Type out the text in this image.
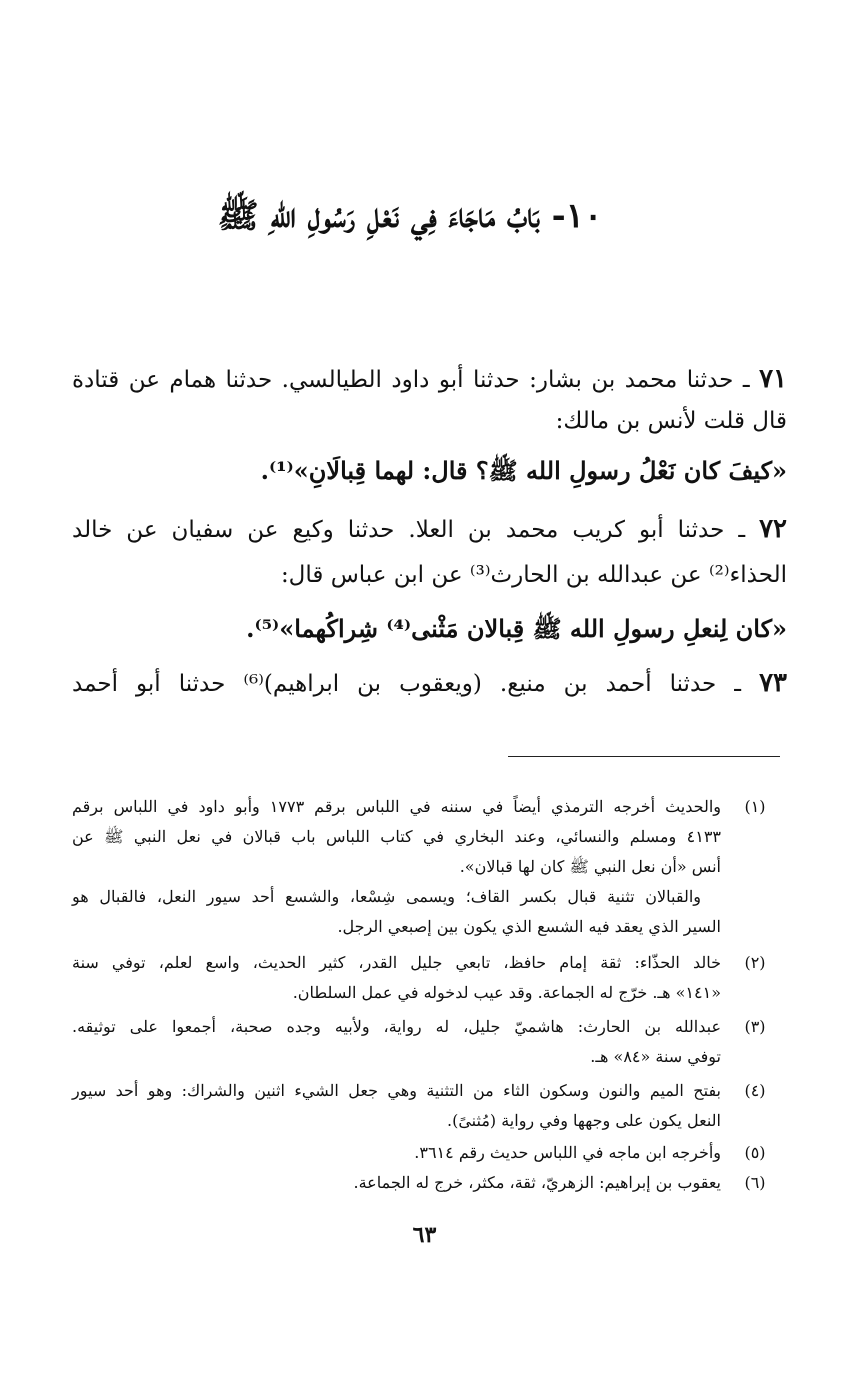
١٠- بَابُ مَاجَاءَ فِي نَعْلِ رَسُولِ اللهِ ﷺ
٧١ ـ حدثنا محمد بن بشار: حدثنا أبو داود الطيالسي. حدثنا همام عن قتادة
قال قلت لأنس بن مالك:
«كيفَ كان نَعْلُ رسولِ الله ﷺ؟ قال: لهما قِبالَانِ»⁽¹⁾.
٧٢ ـ حدثنا أبو كريب محمد بن العلا. حدثنا وكيع عن سفيان عن خالد
الحذاء⁽²⁾ عن عبدالله بن الحارث⁽³⁾ عن ابن عباس قال:
«كان لِنعلِ رسولِ الله ﷺ قِبالان مَثْنى⁽⁴⁾ شِراكُهما»⁽⁵⁾.
٧٣ ـ حدثنا أحمد بن منيع. (ويعقوب بن ابراهيم)⁽⁶⁾ حدثنا أبو أحمد
(١)
والحديث أخرجه الترمذي أيضاً في سننه في اللباس برقم ١٧٧٣ وأبو داود في اللباس برقم
٤١٣٣ ومسلم والنسائي، وعند البخاري في كتاب اللباس باب قبالان في نعل النبي ﷺ عن
أنس «أن نعل النبي ﷺ كان لها قبالان».
والقبالان تثنية قبال بكسر القاف؛ ويسمى شِسْعا، والشسع أحد سيور النعل، فالقبال هو
السير الذي يعقد فيه الشسع الذي يكون بين إصبعي الرجل.
(٢)
خالد الحذّاء: ثقة إمام حافظ، تابعي جليل القدر، كثير الحديث، واسع لعلم، توفي سنة
«١٤١» هـ. خرّج له الجماعة. وقد عيب لدخوله في عمل السلطان.
(٣)
عبدالله بن الحارث: هاشميّ جليل، له رواية، ولأبيه وجده صحبة، أجمعوا على توثيقه.
توفي سنة «٨٤» هـ.
(٤)
بفتح الميم والنون وسكون الثاء من التثنية وهي جعل الشيء اثنين والشراك: وهو أحد سيور
النعل يكون على وجهها وفي رواية (مُثنىً).
(٥)
وأخرجه ابن ماجه في اللباس حديث رقم ٣٦١٤.
(٦)
يعقوب بن إبراهيم: الزهريّ، ثقة، مكثر، خرج له الجماعة.
٦٣
